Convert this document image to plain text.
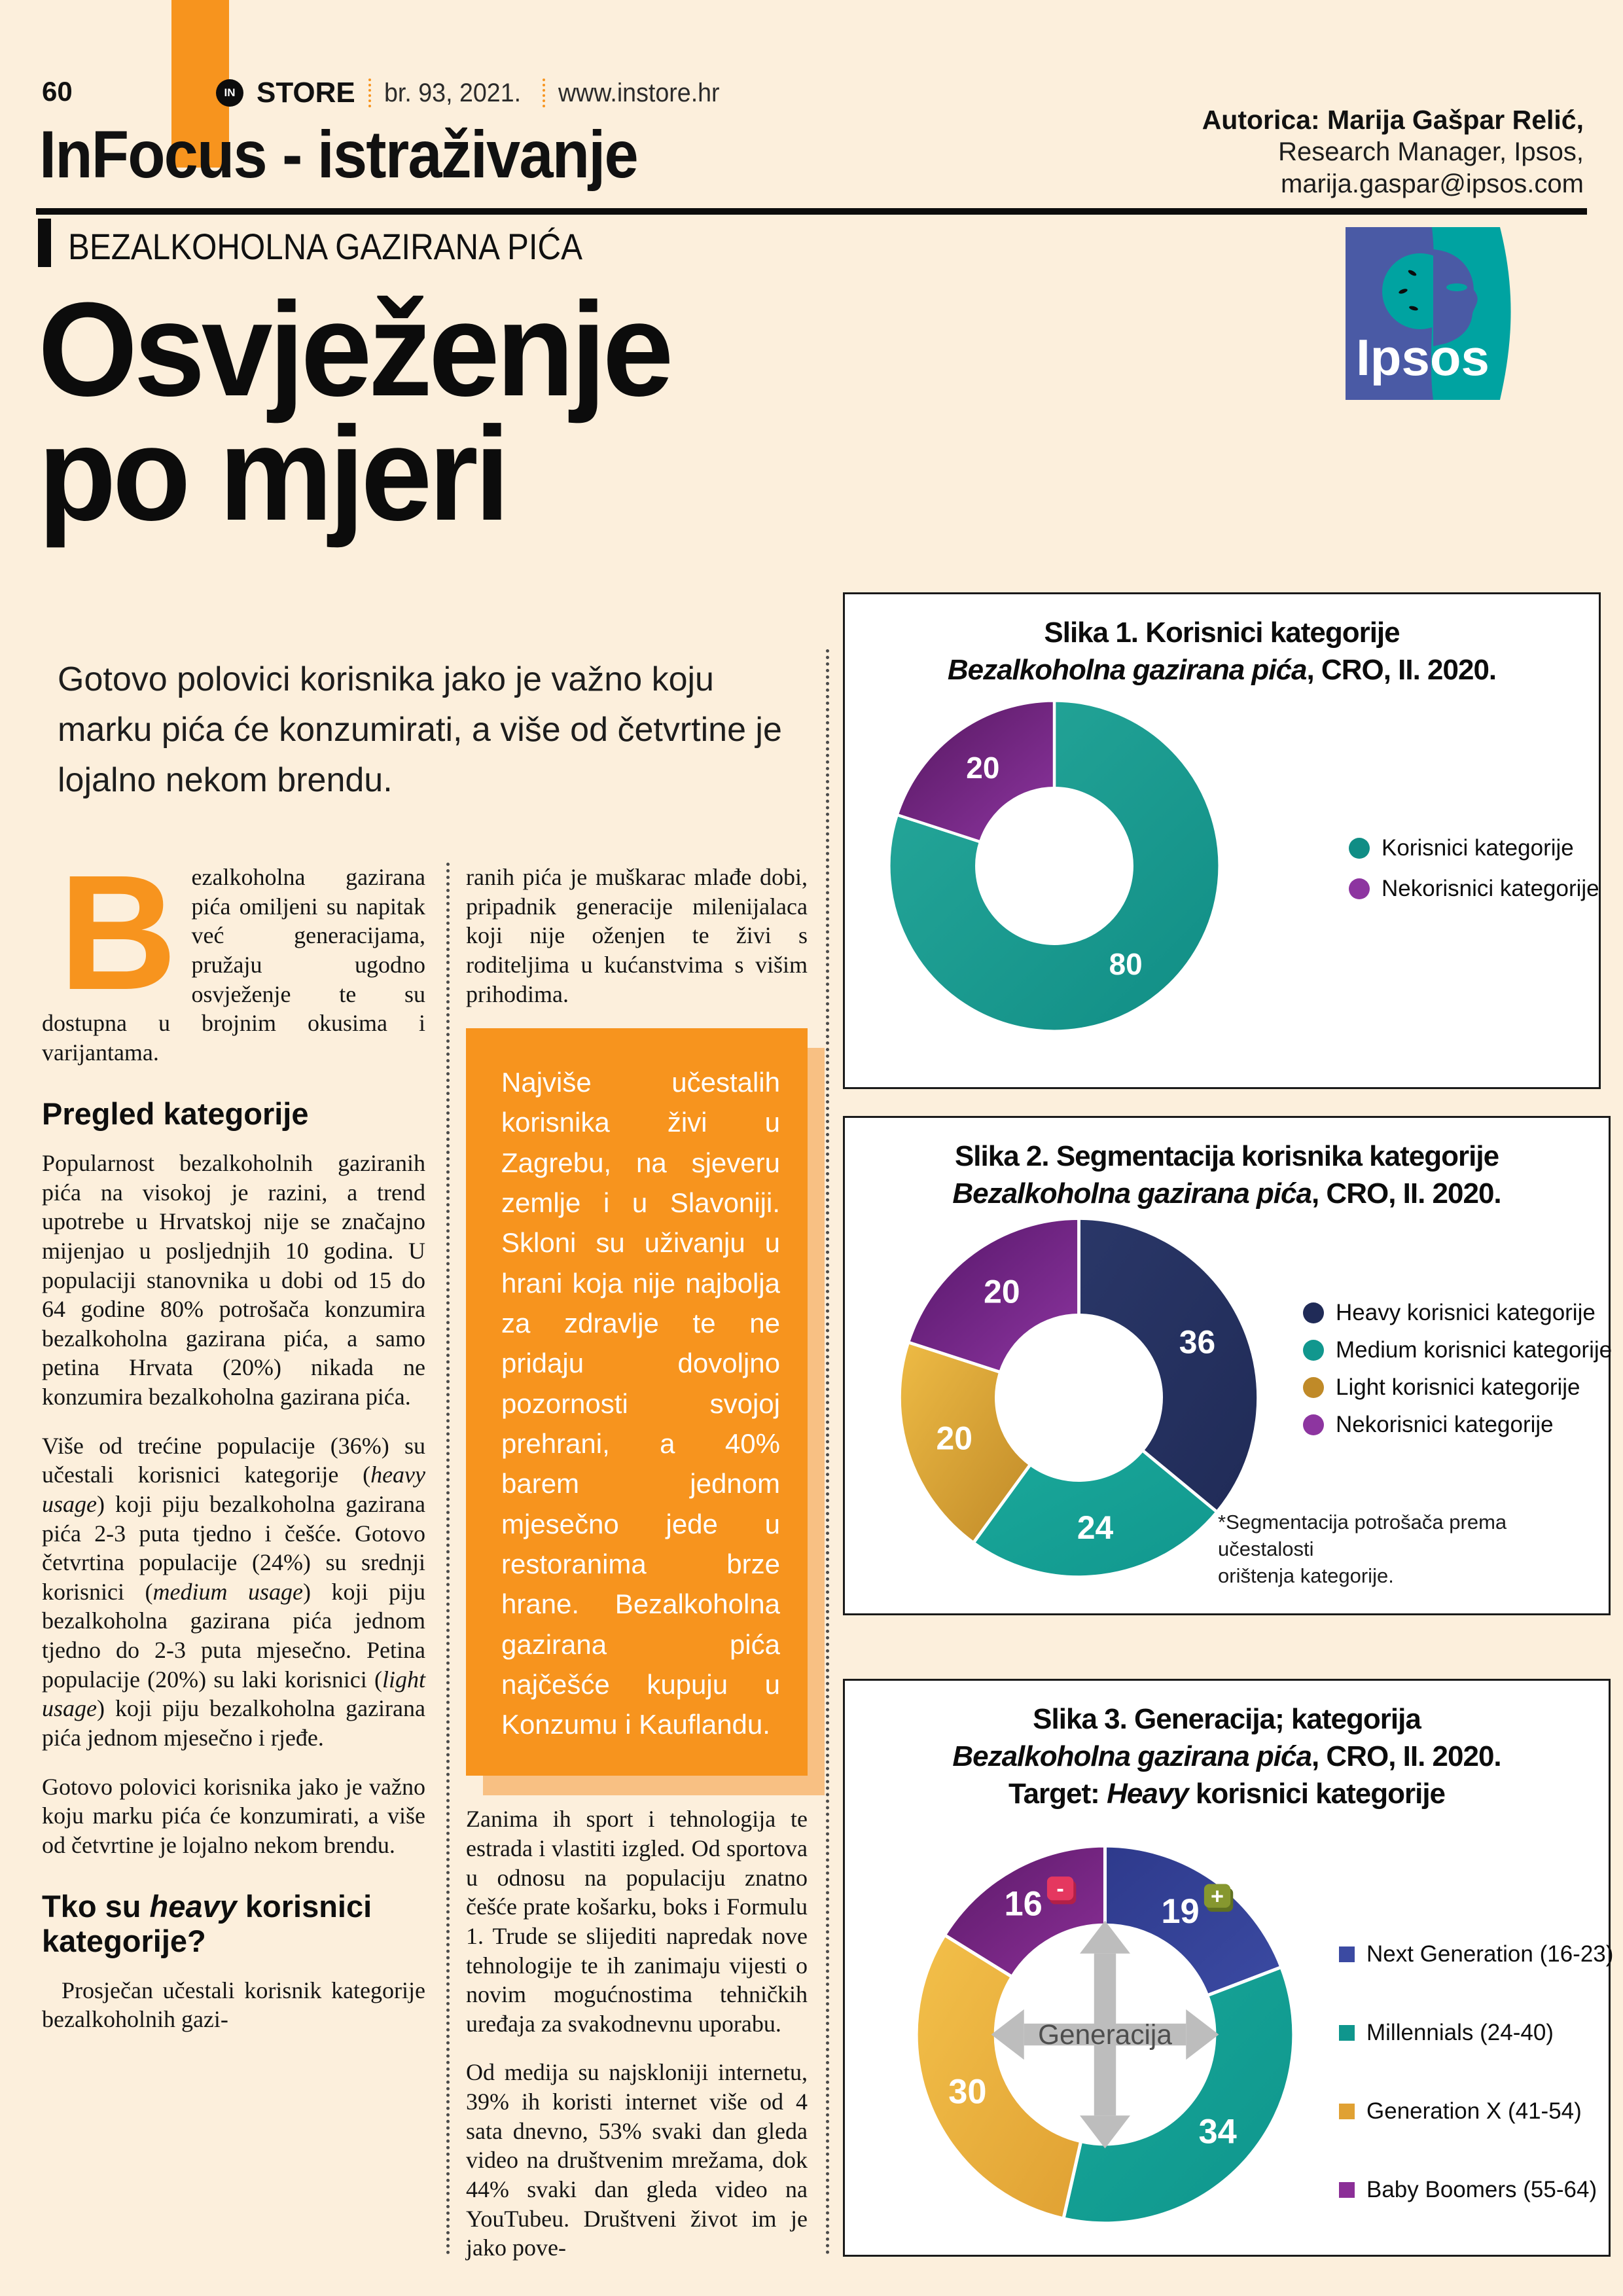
60	IN STORE br. 93, 2021. www.instore.hr
Autorica: Marija Gašpar Relić,
Research Manager, Ipsos,
marija.gaspar@ipsos.com
InFocus - istraživanje
BEZALKOHOLNA GAZIRANA PIĆA
Ipsos
Osvježenje
po mjeri
Gotovo polovici korisnika jako je važno koju marku pića će konzumirati, a više od četvrtine je lojalno nekom brendu.

Bezalkoholna gazirana pića omiljeni su napitak već generacijama, pružaju ugodno osvježenje te su dostupna u brojnim okusima i varijantama.

Pregled kategorije

Popularnost bezalkoholnih gaziranih pića na visokoj je razini, a trend upotrebe u Hrvatskoj nije se značajno mijenjao u posljednjih 10 godina. U populaciji stanovnika u dobi od 15 do 64 godine 80% potrošača konzumira bezalkoholna gazirana pića, a samo petina Hrvata (20%) nikada ne konzumira bezalkoholna gazirana pića.

Više od trećine populacije (36%) su učestali korisnici kategorije (heavy usage) koji piju bezalkoholna gazirana pića 2-3 puta tjedno i češće. Gotovo četvrtina populacije (24%) su srednji korisnici (medium usage) koji piju bezalkoholna gazirana pića jednom tjedno do 2-3 puta mjesečno. Petina populacije (20%) su laki korisnici (light usage) koji piju bezalkoholna gazirana pića jednom mjesečno i rjeđe.

Gotovo polovici korisnika jako je važno koju marku pića će konzumirati, a više od četvrtine je lojalno nekom brendu.

Tko su heavy korisnici kategorije?

Prosječan učestali korisnik kategorije bezalkoholnih gazi-

ranih pića je muškarac mlađe dobi, pripadnik generacije milenijalaca koji nije oženjen te živi s roditeljima u kućanstvima s višim prihodima.

Najviše učestalih korisnika živi u Zagrebu, na sjeveru zemlje i u Slavoniji. Skloni su uživanju u hrani koja nije najbolja za zdravlje te ne pridaju dovoljno pozornosti svojoj prehrani, a 40% barem jednom mjesečno jede u restoranima brze hrane. Bezalkoholna gazirana pića najčešće kupuju u Konzumu i Kauflandu.

Zanima ih sport i tehnologija te estrada i vlastiti izgled. Od sportova u odnosu na populaciju znatno češće prate košarku, boks i Formulu 1. Trude se slijediti napredak nove tehnologije te ih zanimaju vijesti o novim mogućnostima tehničkih uređaja za svakodnevnu uporabu.

Od medija su najskloniji internetu, 39% ih koristi internet više od 4 sata dnevno, 53% svaki dan gleda video na društvenim mrežama, dok 44% svaki dan gleda video na YouTubeu. Društveni život im je jako pove-

Slika 1. Korisnici kategorije
Bezalkoholna gazirana pića, CRO, II. 2020.
80
20
Korisnici kategorije
Nekorisnici kategorije
Slika 2. Segmentacija korisnika kategorije
Bezalkoholna gazirana pića, CRO, II. 2020.
36
24
20
20
Heavy korisnici kategorije
Medium korisnici kategorije
Light korisnici kategorije
Nekorisnici kategorije
*Segmentacija potrošača prema učestalosti
orištenja kategorije.
Slika 3. Generacija; kategorija
Bezalkoholna gazirana pića, CRO, II. 2020.
Target: Heavy korisnici kategorije
Generacija
19 +
34
30
16 -
Next Generation (16-23)
Millennials (24-40)
Generation X (41-54)
Baby Boomers (55-64)
